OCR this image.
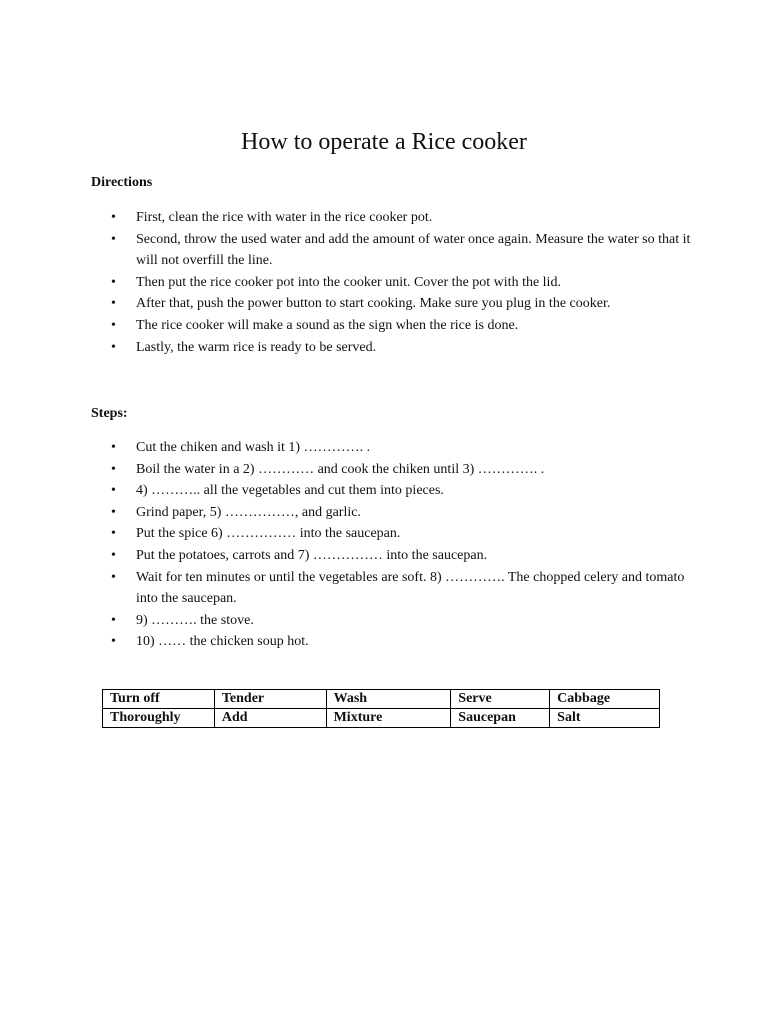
How to operate a Rice cooker
Directions
• First, clean the rice with water in the rice cooker pot.
• Second, throw the used water and add the amount of water once again. Measure the water so that it will not overfill the line.
• Then put the rice cooker pot into the cooker unit. Cover the pot with the lid.
• After that, push the power button to start cooking. Make sure you plug in the cooker.
• The rice cooker will make a sound as the sign when the rice is done.
• Lastly, the warm rice is ready to be served.
Steps:
• Cut the chiken and wash it 1) …………. .
• Boil the water in a 2) ………… and cook the chiken until 3) …………. .
• 4) ……….. all the vegetables and cut them into pieces.
• Grind paper, 5) ……………, and garlic.
• Put the spice 6) …………… into the saucepan.
• Put the potatoes, carrots and 7) …………… into the saucepan.
• Wait for ten minutes or until the vegetables are soft. 8) …………. The chopped celery and tomato into the saucepan.
• 9) ………. the stove.
• 10) …… the chicken soup hot.
Turn off	Tender	Wash	Serve	Cabbage
Thoroughly	Add	Mixture	Saucepan	Salt
